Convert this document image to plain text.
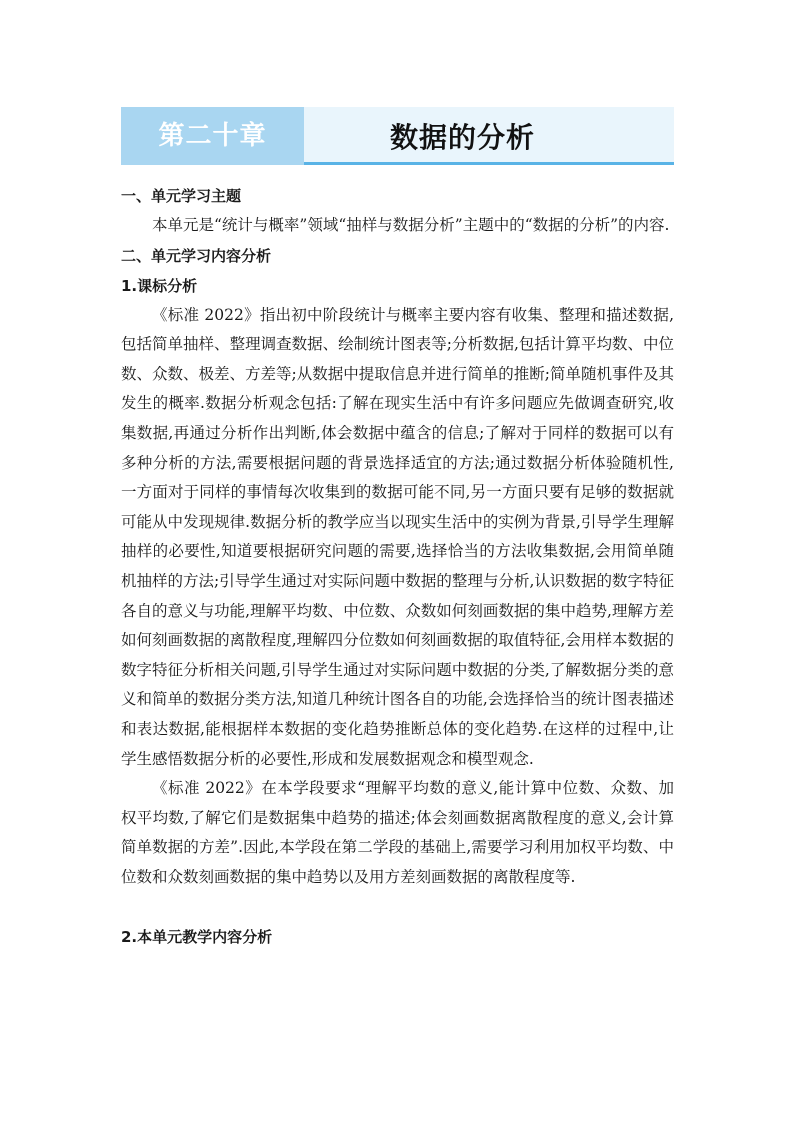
第二十章	数据的分析

一、单元学习主题

本单元是“统计与概率”领域“抽样与数据分析”主题中的“数据的分析”的内容.

二、单元学习内容分析

1.课标分析

《标准 2022》指出初中阶段统计与概率主要内容有收集、整理和描述数据,包括简单抽样、整理调查数据、绘制统计图表等;分析数据,包括计算平均数、中位数、众数、极差、方差等;从数据中提取信息并进行简单的推断;简单随机事件及其发生的概率.数据分析观念包括:了解在现实生活中有许多问题应先做调查研究,收集数据,再通过分析作出判断,体会数据中蕴含的信息;了解对于同样的数据可以有多种分析的方法,需要根据问题的背景选择适宜的方法;通过数据分析体验随机性,一方面对于同样的事情每次收集到的数据可能不同,另一方面只要有足够的数据就可能从中发现规律.数据分析的教学应当以现实生活中的实例为背景,引导学生理解抽样的必要性,知道要根据研究问题的需要,选择恰当的方法收集数据,会用简单随机抽样的方法;引导学生通过对实际问题中数据的整理与分析,认识数据的数字特征各自的意义与功能,理解平均数、中位数、众数如何刻画数据的集中趋势,理解方差如何刻画数据的离散程度,理解四分位数如何刻画数据的取值特征,会用样本数据的数字特征分析相关问题,引导学生通过对实际问题中数据的分类,了解数据分类的意义和简单的数据分类方法,知道几种统计图各自的功能,会选择恰当的统计图表描述和表达数据,能根据样本数据的变化趋势推断总体的变化趋势.在这样的过程中,让学生感悟数据分析的必要性,形成和发展数据观念和模型观念.

《标准 2022》在本学段要求“理解平均数的意义,能计算中位数、众数、加权平均数,了解它们是数据集中趋势的描述;体会刻画数据离散程度的意义,会计算简单数据的方差”.因此,本学段在第二学段的基础上,需要学习利用加权平均数、中位数和众数刻画数据的集中趋势以及用方差刻画数据的离散程度等.

2.本单元教学内容分析
